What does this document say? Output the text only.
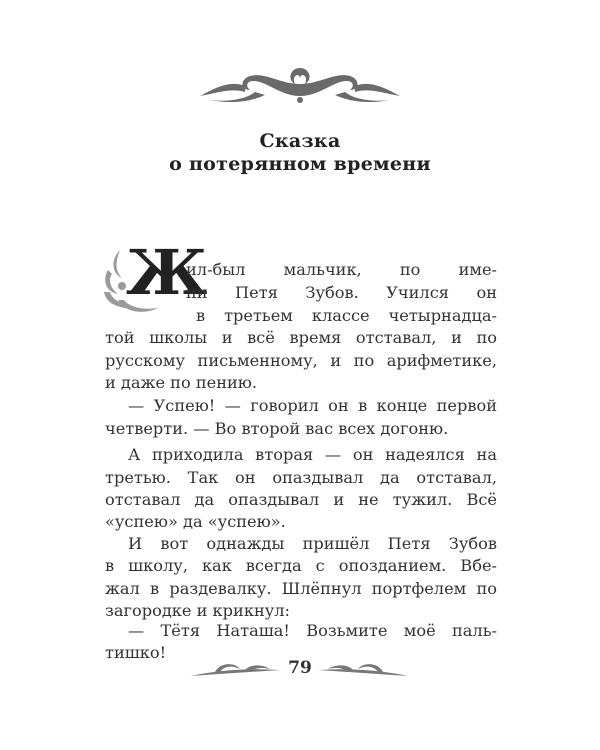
Сказка
о потерянном времени
Ж
ил-был мальчик, по име-
ни Петя Зубов. Учился он
в третьем классе четырнадца-
той школы и всё время отставал, и по
русскому письменному, и по арифметике,
и даже по пению.
— Успею! — говорил он в конце первой
четверти. — Во второй вас всех догоню.
А приходила вторая — он надеялся на
третью. Так он опаздывал да отставал,
отставал да опаздывал и не тужил. Всё
«успею» да «успею».
И вот однажды пришёл Петя Зубов
в школу, как всегда с опозданием. Вбе-
жал в раздевалку. Шлёпнул портфелем по
загородке и крикнул:
— Тётя Наташа! Возьмите моё паль-
тишко!
79
